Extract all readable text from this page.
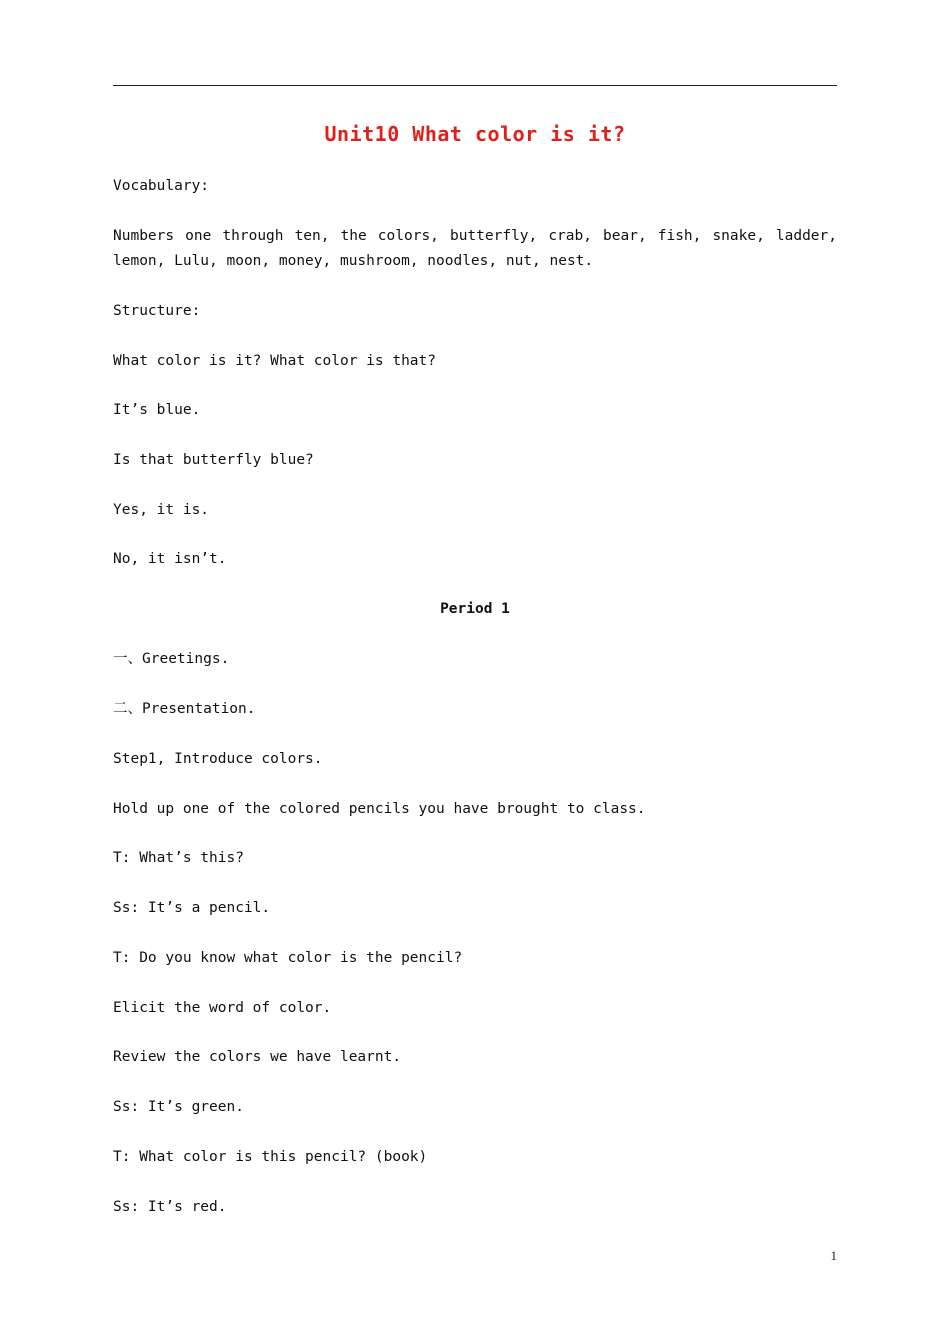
Unit10 What color is it?
Vocabulary:
Numbers one through ten, the colors, butterfly, crab, bear, fish, snake, ladder,
lemon, Lulu, moon, money, mushroom, noodles, nut, nest.
Structure:
What color is it? What color is that?
It’s blue.
Is that butterfly blue?
Yes, it is.
No, it isn’t.
Period 1
一、Greetings.
二、Presentation.
Step1, Introduce colors.
Hold up one of the colored pencils you have brought to class.
T: What’s this?
Ss: It’s a pencil.
T: Do you know what color is the pencil?
Elicit the word of color.
Review the colors we have learnt.
Ss: It’s green.
T: What color is this pencil? (book)
Ss: It’s red.
1
